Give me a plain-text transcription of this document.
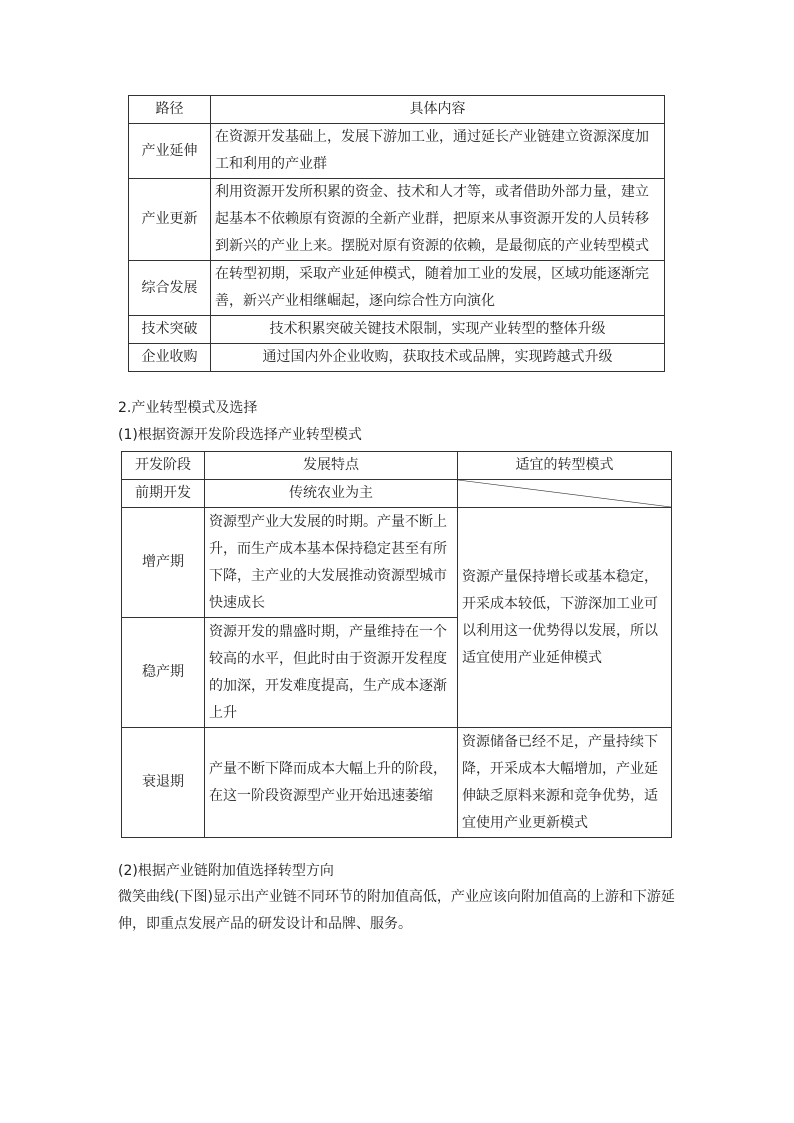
路径	具体内容
产业延伸	在资源开发基础上，发展下游加工业，通过延长产业链建立资源深度加工和利用的产业群
产业更新	利用资源开发所积累的资金、技术和人才等，或者借助外部力量，建立起基本不依赖原有资源的全新产业群，把原来从事资源开发的人员转移到新兴的产业上来。摆脱对原有资源的依赖，是最彻底的产业转型模式
综合发展	在转型初期，采取产业延伸模式，随着加工业的发展，区域功能逐渐完善，新兴产业相继崛起，逐向综合性方向演化
技术突破	技术积累突破关键技术限制，实现产业转型的整体升级
企业收购	通过国内外企业收购，获取技术或品牌，实现跨越式升级
2.产业转型模式及选择
(1)根据资源开发阶段选择产业转型模式
开发阶段	发展特点	适宜的转型模式
前期开发	传统农业为主	

增产期	资源型产业大发展的时期。产量不断上升，而生产成本基本保持稳定甚至有所下降，主产业的大发展推动资源型城市快速成长	资源产量保持增长或基本稳定，开采成本较低，下游深加工业可以利用这一优势得以发展，所以适宜使用产业延伸模式
稳产期	资源开发的鼎盛时期，产量维持在一个较高的水平，但此时由于资源开发程度的加深，开发难度提高，生产成本逐渐上升	
衰退期	产量不断下降而成本大幅上升的阶段，在这一阶段资源型产业开始迅速萎缩	资源储备已经不足，产量持续下降，开采成本大幅增加，产业延伸缺乏原料来源和竞争优势，适宜使用产业更新模式
(2)根据产业链附加值选择转型方向
微笑曲线(下图)显示出产业链不同环节的附加值高低，产业应该向附加值高的上游和下游延伸，即重点发展产品的研发设计和品牌、服务。
